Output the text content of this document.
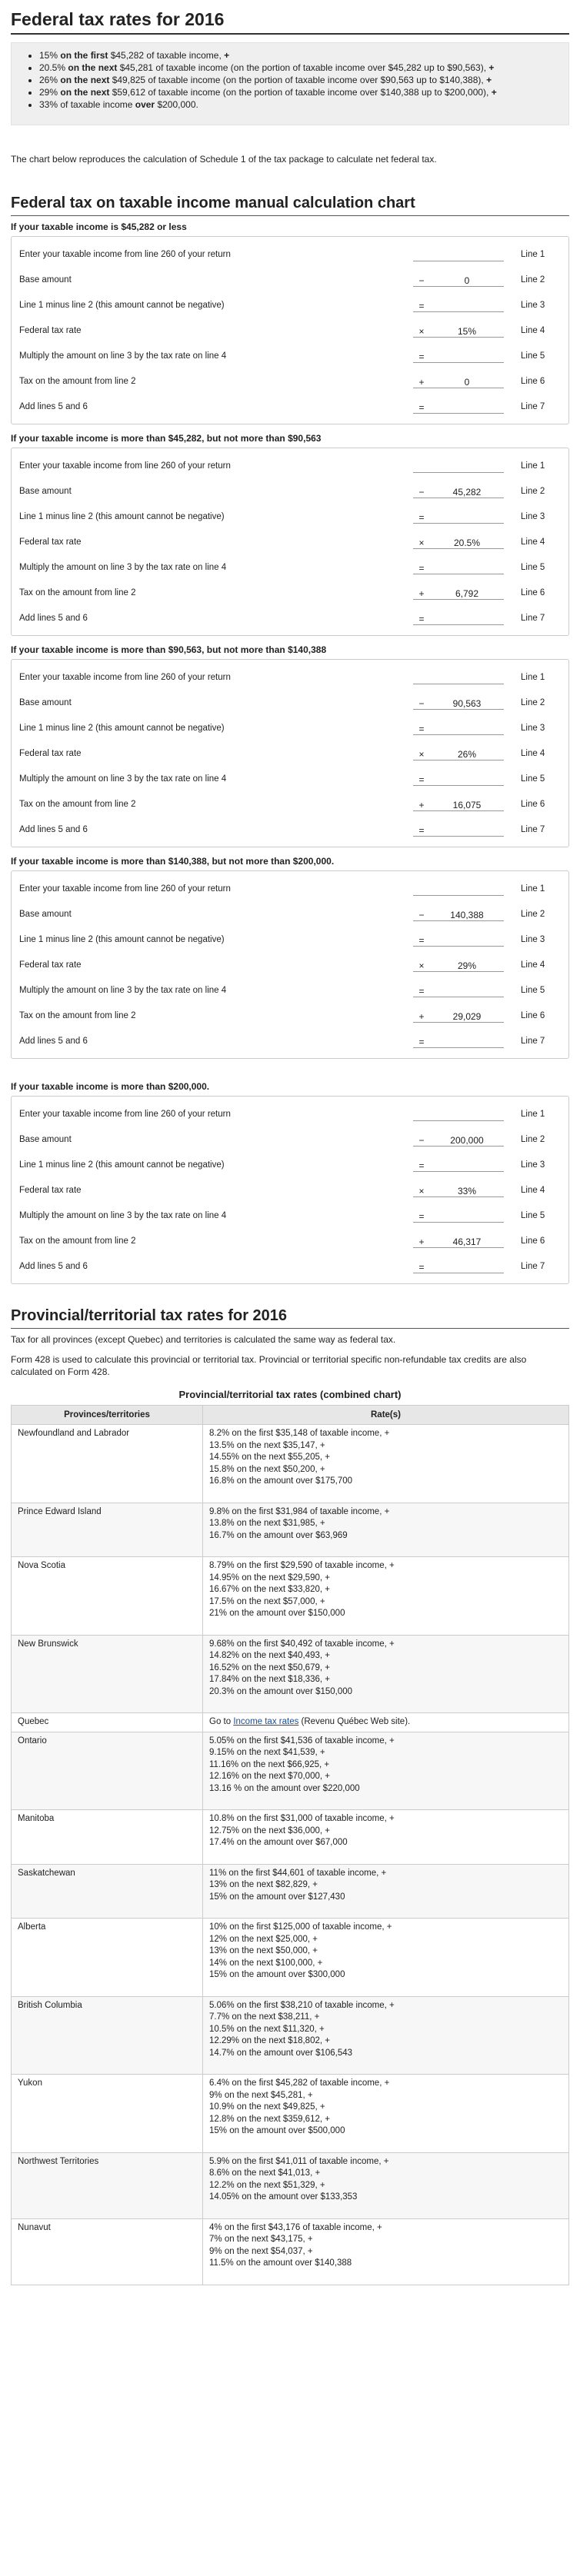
Federal tax rates for 2016
• 15% on the first $45,282 of taxable income, +
• 20.5% on the next $45,281 of taxable income (on the portion of taxable income over $45,282 up to $90,563), +
• 26% on the next $49,825 of taxable income (on the portion of taxable income over $90,563 up to $140,388), +
• 29% on the next $59,612 of taxable income (on the portion of taxable income over $140,388 up to $200,000), +
• 33% of taxable income over $200,000.

The chart below reproduces the calculation of Schedule 1 of the tax package to calculate net federal tax.

Federal tax on taxable income manual calculation chart
If your taxable income is $45,282 or less
Enter your taxable income from line 260 of your return	Line 1
Base amount	−	0	Line 2
Line 1 minus line 2 (this amount cannot be negative)	=	Line 3
Federal tax rate	×	15%	Line 4
Multiply the amount on line 3 by the tax rate on line 4	=	Line 5
Tax on the amount from line 2	+	0	Line 6
Add lines 5 and 6	=	Line 7
If your taxable income is more than $45,282, but not more than $90,563
Enter your taxable income from line 260 of your return	Line 1
Base amount	−	45,282	Line 2
Line 1 minus line 2 (this amount cannot be negative)	=	Line 3
Federal tax rate	×	20.5%	Line 4
Multiply the amount on line 3 by the tax rate on line 4	=	Line 5
Tax on the amount from line 2	+	6,792	Line 6
Add lines 5 and 6	=	Line 7
If your taxable income is more than $90,563, but not more than $140,388
Enter your taxable income from line 260 of your return	Line 1
Base amount	−	90,563	Line 2
Line 1 minus line 2 (this amount cannot be negative)	=	Line 3
Federal tax rate	×	26%	Line 4
Multiply the amount on line 3 by the tax rate on line 4	=	Line 5
Tax on the amount from line 2	+	16,075	Line 6
Add lines 5 and 6	=	Line 7
If your taxable income is more than $140,388, but not more than $200,000.
Enter your taxable income from line 260 of your return	Line 1
Base amount	−	140,388	Line 2
Line 1 minus line 2 (this amount cannot be negative)	=	Line 3
Federal tax rate	×	29%	Line 4
Multiply the amount on line 3 by the tax rate on line 4	=	Line 5
Tax on the amount from line 2	+	29,029	Line 6
Add lines 5 and 6	=	Line 7
If your taxable income is more than $200,000.
Enter your taxable income from line 260 of your return	Line 1
Base amount	−	200,000	Line 2
Line 1 minus line 2 (this amount cannot be negative)	=	Line 3
Federal tax rate	×	33%	Line 4
Multiply the amount on line 3 by the tax rate on line 4	=	Line 5
Tax on the amount from line 2	+	46,317	Line 6
Add lines 5 and 6	=	Line 7
Provincial/territorial tax rates for 2016

Tax for all provinces (except Quebec) and territories is calculated the same way as federal tax.

Form 428 is used to calculate this provincial or territorial tax. Provincial or territorial specific non-refundable tax credits are also calculated on Form 428.

Provincial/territorial tax rates (combined chart)
Provinces/territories	Rate(s)
Newfoundland and Labrador	8.2% on the first $35,148 of taxable income, +
13.5% on the next $35,147, +
14.55% on the next $55,205, +
15.8% on the next $50,200, +
16.8% on the amount over $175,700

Prince Edward Island	9.8% on the first $31,984 of taxable income, +
13.8% on the next $31,985, +
16.7% on the amount over $63,969

Nova Scotia	8.79% on the first $29,590 of taxable income, +
14.95% on the next $29,590, +
16.67% on the next $33,820, +
17.5% on the next $57,000, +
21% on the amount over $150,000

New Brunswick	9.68% on the first $40,492 of taxable income, +
14.82% on the next $40,493, +
16.52% on the next $50,679, +
17.84% on the next $18,336, +
20.3% on the amount over $150,000

Quebec	Go to Income tax rates (Revenu Québec Web site).
Ontario	5.05% on the first $41,536 of taxable income, +
9.15% on the next $41,539, +
11.16% on the next $66,925, +
12.16% on the next $70,000, +
13.16 % on the amount over $220,000

Manitoba	10.8% on the first $31,000 of taxable income, +
12.75% on the next $36,000, +
17.4% on the amount over $67,000

Saskatchewan	11% on the first $44,601 of taxable income, +
13% on the next $82,829, +
15% on the amount over $127,430

Alberta	10% on the first $125,000 of taxable income, +
12% on the next $25,000, +
13% on the next $50,000, +
14% on the next $100,000, +
15% on the amount over $300,000

British Columbia	5.06% on the first $38,210 of taxable income, +
7.7% on the next $38,211, +
10.5% on the next $11,320, +
12.29% on the next $18,802, +
14.7% on the amount over $106,543

Yukon	6.4% on the first $45,282 of taxable income, +
9% on the next $45,281, +
10.9% on the next $49,825, +
12.8% on the next $359,612, +
15% on the amount over $500,000

Northwest Territories	5.9% on the first $41,011 of taxable income, +
8.6% on the next $41,013, +
12.2% on the next $51,329, +
14.05% on the amount over $133,353

Nunavut	4% on the first $43,176 of taxable income, +
7% on the next $43,175, +
9% on the next $54,037, +
11.5% on the amount over $140,388
